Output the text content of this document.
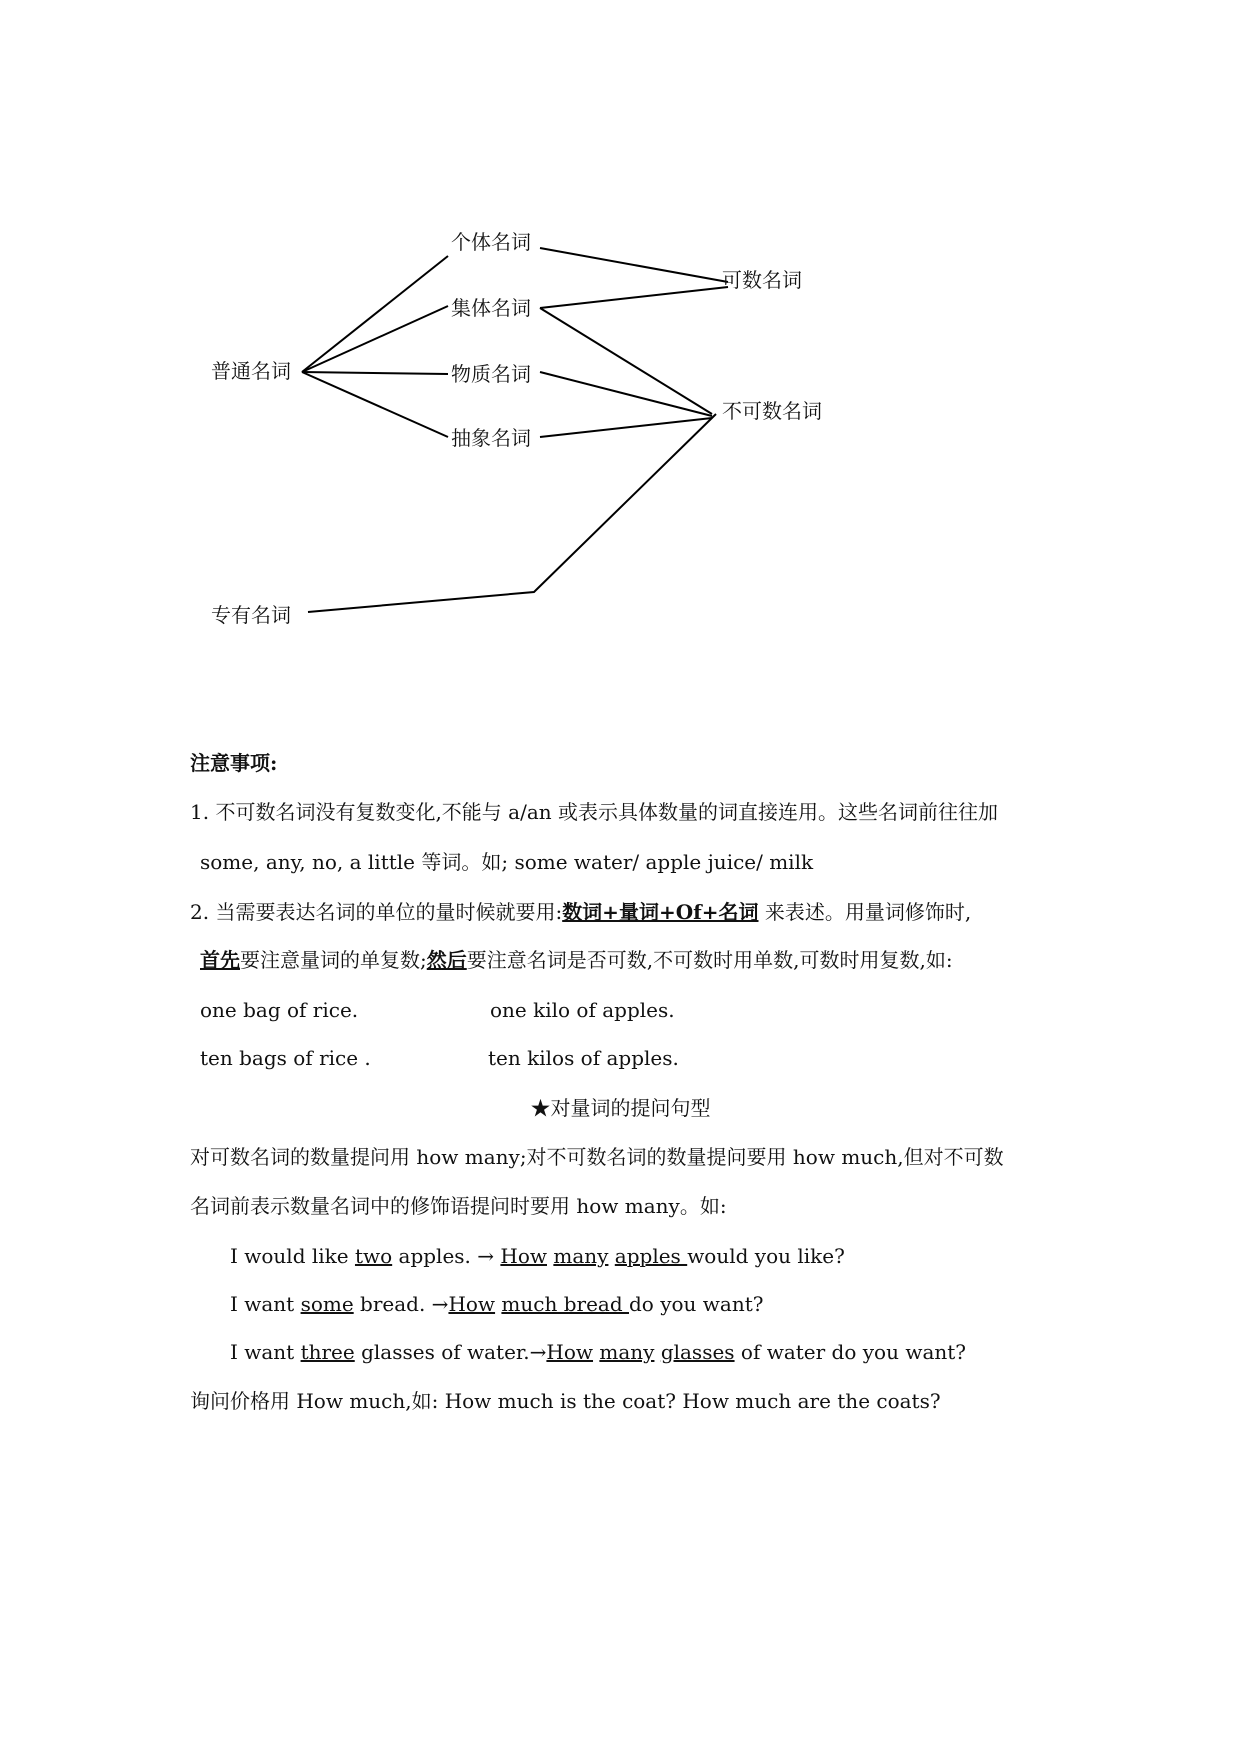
普通名词
个体名词
集体名词
物质名词
抽象名词
可数名词
不可数名词
专有名词
注意事项:
1. 不可数名词没有复数变化,不能与 a/an 或表示具体数量的词直接连用。这些名词前往往加
some, any, no, a little 等词。如; some water/ apple juice/ milk
2. 当需要表达名词的单位的量时候就要用:数词+量词+Of+名词 来表述。用量词修饰时,
首先要注意量词的单复数;然后要注意名词是否可数,不可数时用单数,可数时用复数,如:
one bag of rice.	one kilo of apples.
ten bags of rice .	ten kilos of apples.
★对量词的提问句型
对可数名词的数量提问用 how many;对不可数名词的数量提问要用 how much,但对不可数
名词前表示数量名词中的修饰语提问时要用 how many。如:
I would like two apples. → How many apples would you like?
I want some bread. →How much bread do you want?
I want three glasses of water.→How many glasses of water do you want?
询问价格用 How much,如: How much is the coat? How much are the coats?
